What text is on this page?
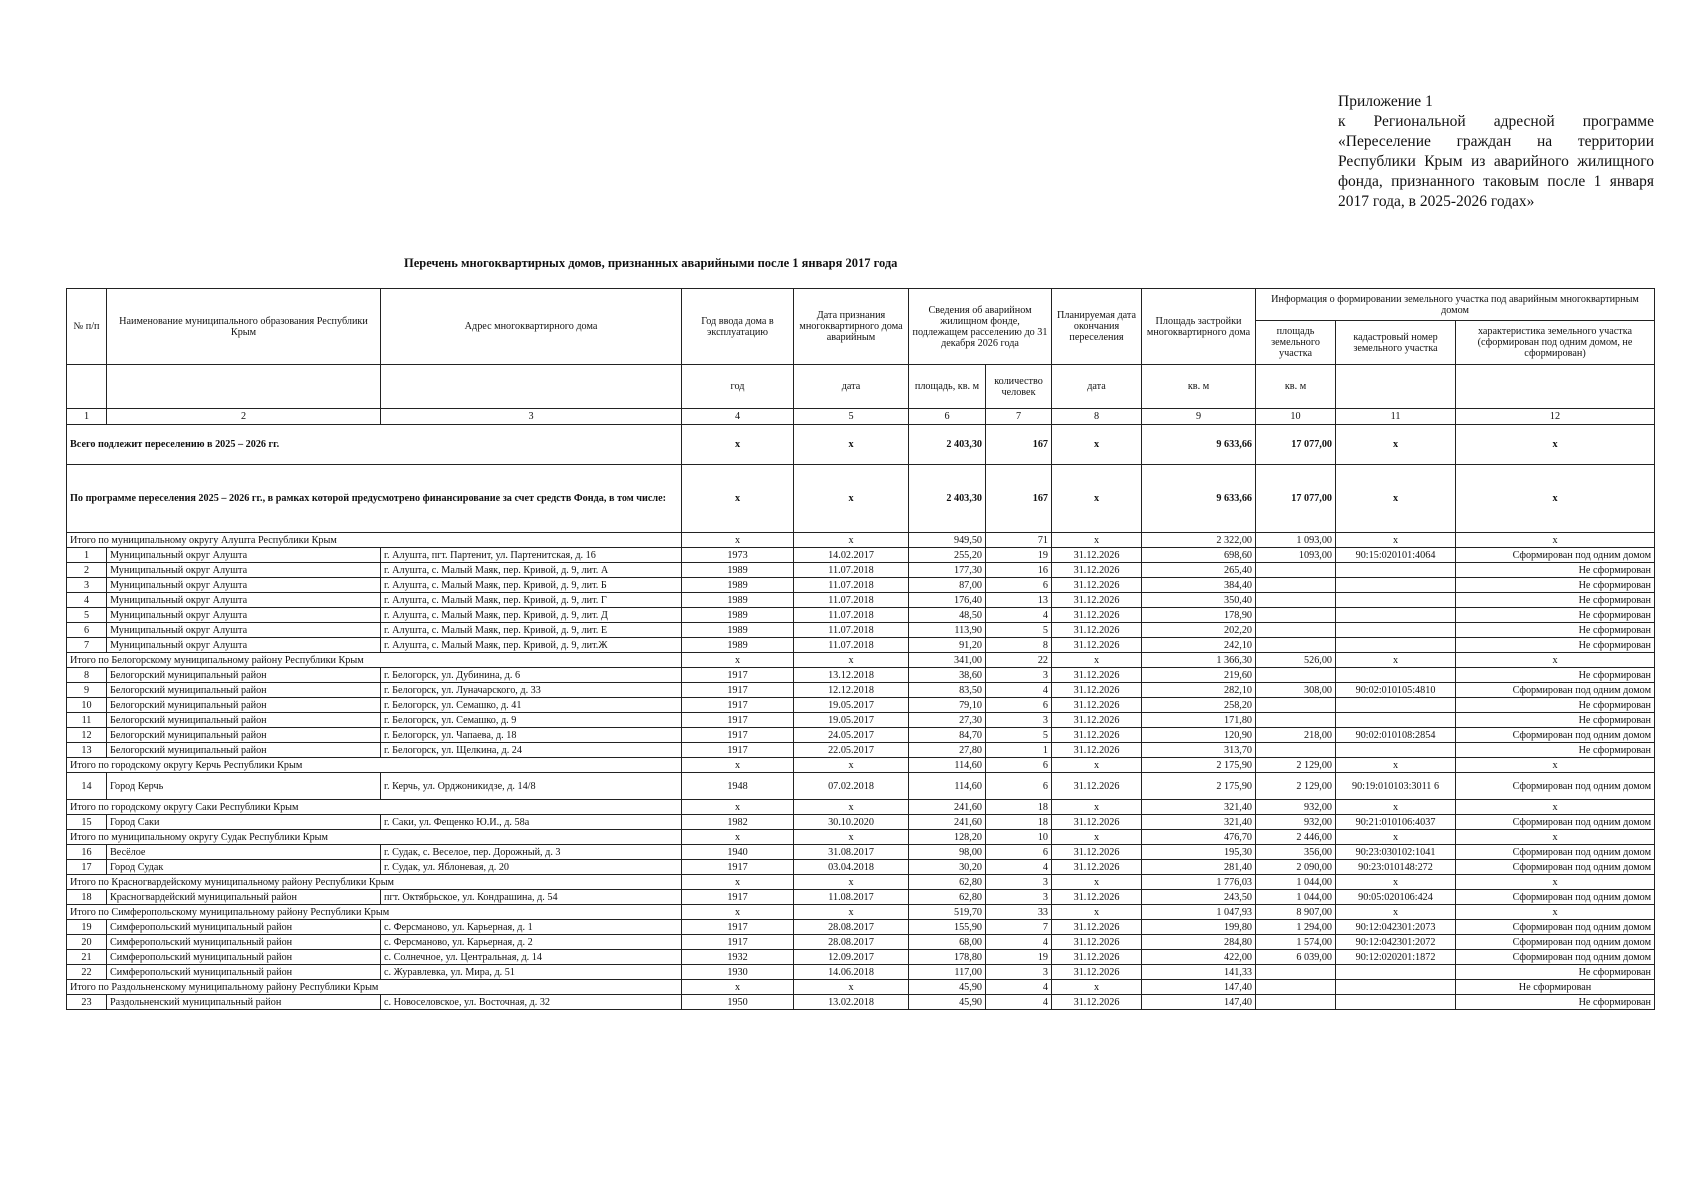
Приложение 1
к Региональной адресной программе «Переселение граждан на территории Республики Крым из аварийного жилищного фонда, признанного таковым после 1 января 2017 года, в 2025-2026 годах»
Перечень многоквартирных домов, признанных аварийными после 1 января 2017 года
№ п/п	Наименование муниципального образования Республики Крым	Адрес многоквартирного дома	Год ввода дома в эксплуатацию	Дата признания многоквартирного дома аварийным	Сведения об аварийном жилищном фонде, подлежащем расселению до 31 декабря 2026 года		Планируемая дата окончания переселения	Площадь застройки многоквартирного дома	Информация о формировании земельного участка под аварийным многоквартирным домом		
									площадь земельного участка	кадастровый номер земельного участка	характеристика земельного участка (сформирован под одним домом, не сформирован)
			год	дата	площадь, кв. м	количество человек	дата	кв. м	кв. м		
1	2	3	4	5	6	7	8	9	10	11	12
Всего подлежит переселению в 2025 – 2026 гг.			x	x	2 403,30	167	x	9 633,66	17 077,00	x	x
По программе переселения 2025 – 2026 гг., в рамках которой предусмотрено финансирование за счет средств Фонда, в том числе:			x	x	2 403,30	167	x	9 633,66	17 077,00	x	x
Итого по муниципальному округу Алушта Республики Крым			x	x	949,50	71	x	2 322,00	1 093,00	x	x
1	Муниципальный округ Алушта	г. Алушта, пгт. Партенит, ул. Партенитская, д. 16	1973	14.02.2017	255,20	19	31.12.2026	698,60	1093,00	90:15:020101:4064	Сформирован под одним домом
2	Муниципальный округ Алушта	г. Алушта, с. Малый Маяк, пер. Кривой, д. 9, лит. А	1989	11.07.2018	177,30	16	31.12.2026	265,40			Не сформирован
3	Муниципальный округ Алушта	г. Алушта, с. Малый Маяк, пер. Кривой, д. 9, лит. Б	1989	11.07.2018	87,00	6	31.12.2026	384,40			Не сформирован
4	Муниципальный округ Алушта	г. Алушта, с. Малый Маяк, пер. Кривой, д. 9, лит. Г	1989	11.07.2018	176,40	13	31.12.2026	350,40			Не сформирован
5	Муниципальный округ Алушта	г. Алушта, с. Малый Маяк, пер. Кривой, д. 9, лит. Д	1989	11.07.2018	48,50	4	31.12.2026	178,90			Не сформирован
6	Муниципальный округ Алушта	г. Алушта, с. Малый Маяк, пер. Кривой, д. 9, лит. Е	1989	11.07.2018	113,90	5	31.12.2026	202,20			Не сформирован
7	Муниципальный округ Алушта	г. Алушта, с. Малый Маяк, пер. Кривой, д. 9, лит.Ж	1989	11.07.2018	91,20	8	31.12.2026	242,10			Не сформирован
Итого по Белогорскому муниципальному району Республики Крым			x	x	341,00	22	x	1 366,30	526,00	x	x
8	Белогорский муниципальный район	г. Белогорск, ул. Дубинина, д. 6	1917	13.12.2018	38,60	3	31.12.2026	219,60			Не сформирован
9	Белогорский муниципальный район	г. Белогорск, ул. Луначарского, д. 33	1917	12.12.2018	83,50	4	31.12.2026	282,10	308,00	90:02:010105:4810	Сформирован под одним домом
10	Белогорский муниципальный район	г. Белогорск, ул. Семашко, д. 41	1917	19.05.2017	79,10	6	31.12.2026	258,20			Не сформирован
11	Белогорский муниципальный район	г. Белогорск, ул. Семашко, д. 9	1917	19.05.2017	27,30	3	31.12.2026	171,80			Не сформирован
12	Белогорский муниципальный район	г. Белогорск, ул. Чапаева, д. 18	1917	24.05.2017	84,70	5	31.12.2026	120,90	218,00	90:02:010108:2854	Сформирован под одним домом
13	Белогорский муниципальный район	г. Белогорск, ул. Щелкина, д. 24	1917	22.05.2017	27,80	1	31.12.2026	313,70			Не сформирован
Итого по городскому округу Керчь Республики Крым			x	x	114,60	6	x	2 175,90	2 129,00	x	x
14	Город Керчь	г. Керчь, ул. Орджоникидзе, д. 14/8	1948	07.02.2018	114,60	6	31.12.2026	2 175,90	2 129,00	90:19:010103:3011 6	Сформирован под одним домом
Итого по городскому округу Саки Республики Крым			x	x	241,60	18	x	321,40	932,00	x	x
15	Город Саки	г. Саки, ул. Фещенко Ю.И., д. 58а	1982	30.10.2020	241,60	18	31.12.2026	321,40	932,00	90:21:010106:4037	Сформирован под одним домом
Итого по муниципальному округу Судак Республики Крым			x	x	128,20	10	x	476,70	2 446,00	x	x
16	Весёлое	г. Судак, с. Веселое, пер. Дорожный, д. 3	1940	31.08.2017	98,00	6	31.12.2026	195,30	356,00	90:23:030102:1041	Сформирован под одним домом
17	Город Судак	г. Судак, ул. Яблоневая, д. 20	1917	03.04.2018	30,20	4	31.12.2026	281,40	2 090,00	90:23:010148:272	Сформирован под одним домом
Итого по Красногвардейскому муниципальному району Республики Крым			x	x	62,80	3	x	1 776,03	1 044,00	x	x
18	Красногвардейский муниципальный район	пгт. Октябрьское, ул. Кондрашина, д. 54	1917	11.08.2017	62,80	3	31.12.2026	243,50	1 044,00	90:05:020106:424	Сформирован под одним домом
Итого по Симферопольскому муниципальному району Республики Крым			x	x	519,70	33	x	1 047,93	8 907,00	x	x
19	Симферопольский муниципальный район	с. Ферсманово, ул. Карьерная, д. 1	1917	28.08.2017	155,90	7	31.12.2026	199,80	1 294,00	90:12:042301:2073	Сформирован под одним домом
20	Симферопольский муниципальный район	с. Ферсманово, ул. Карьерная, д. 2	1917	28.08.2017	68,00	4	31.12.2026	284,80	1 574,00	90:12:042301:2072	Сформирован под одним домом
21	Симферопольский муниципальный район	с. Солнечное, ул. Центральная, д. 14	1932	12.09.2017	178,80	19	31.12.2026	422,00	6 039,00	90:12:020201:1872	Сформирован под одним домом
22	Симферопольский муниципальный район	с. Журавлевка, ул. Мира, д. 51	1930	14.06.2018	117,00	3	31.12.2026	141,33			Не сформирован
Итого по Раздольненскому муниципальному району Республики Крым			x	x	45,90	4	x	147,40			Не сформирован
23	Раздольненский муниципальный район	с. Новоселовское, ул. Восточная, д. 32	1950	13.02.2018	45,90	4	31.12.2026	147,40			Не сформирован
